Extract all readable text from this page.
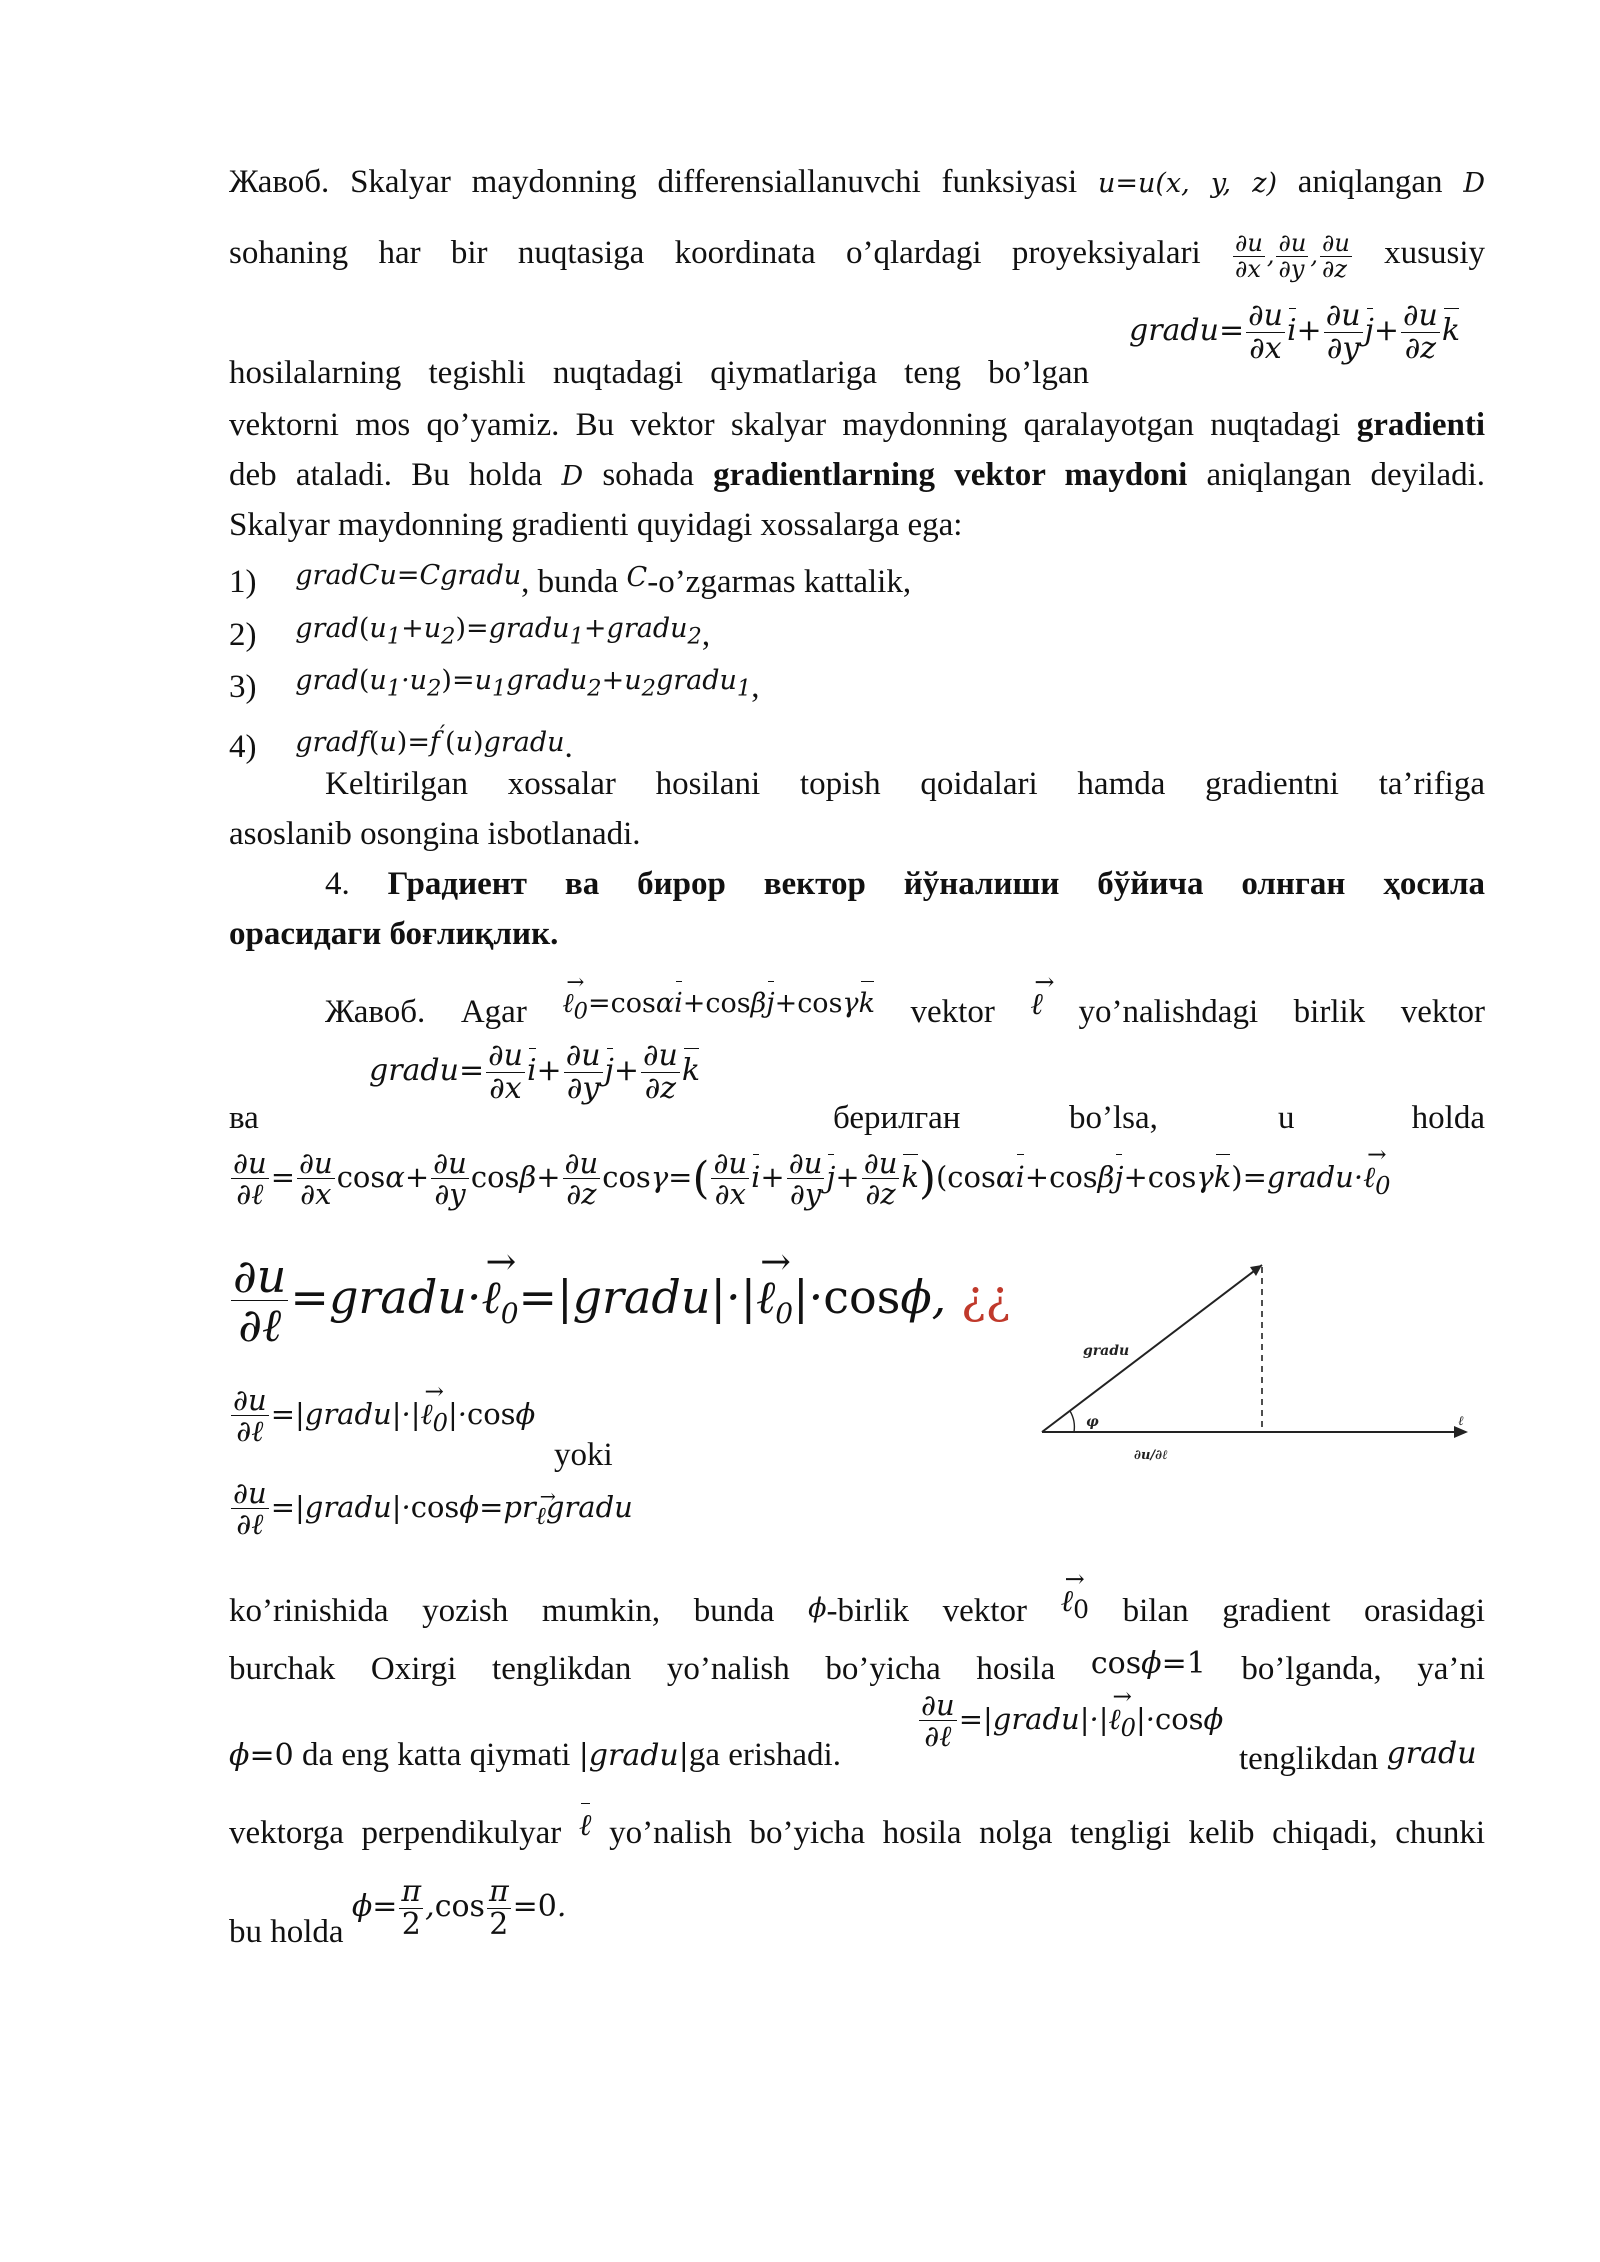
Жавоб. Skalyar maydonning differensiallanuvchi funksiyasi u=u(x, y, z) aniqlangan D
sohaning har bir nuqtasiga koordinata o’qlardagi proyeksiyalari $\frac{\partial u}{\partial x}$ , $\frac{\partial u}{\partial y}$ , $\frac{\partial u}{\partial z}$ xususiy
hosilalarning tegishli nuqtadagi qiymatlariga teng bo’lgan
gradu= $\frac{\partial u}{\partial x} i+ \frac{\partial u}{\partial y} j+ \frac{\partial u}{\partial z}$ k
vektorni mos qo’yamiz. Bu vektor skalyar maydonning qaralayotgan nuqtadagi gradienti
deb ataladi. Bu holda D sohada gradientlarning vektor maydoni aniqlangan deyiladi.
Skalyar maydonning gradienti quyidagi xossalarga ega:
1) $^{gradCu=Cgradu}$, bunda C-o’zgarmas kattalik,
2) $^{grad(u_1+u_2)=gradu_1+gradu_2}$,
3) $^{grad(u_1\cdot u_2)=u_1gradu_2+u_2gradu_1}$,
4) gradf(u)=f′(u)gradu.
Keltirilgan xossalar hosilani topish qoidalari hamda gradientni ta’rifiga
asoslanib osongina isbotlanadi.
4. Градиент ва бирор вектор йўналиши бўйича олнган ҳосила
орасидаги боғлиқлик.
Жавоб. Agar → $^{\ell_0=cos\alpha i+cos\beta j+cos\gamma k}$ vektor → ℓ yo’nalishdagi birlik vektor
gradu= $\frac{\partial u}{\partial x} i+ \frac{\partial u}{\partial y} j+ \frac{\partial u}{\partial z}$ k
ва	берилган	bo’lsa,	u	holda
$\frac{\partial u}{\text{∂ℓ}} = \frac{\partial u}{\partial x} \cos\alpha+ \frac{\partial u}{\partial y} \cos\beta+ \frac{\partial u}{\partial z} \cos\gamma=( \frac{\partial u}{\partial x} i+ \frac{\partial u}{\partial y} j+ \frac{\partial u}{\partial z}$ k)(cosαi+cosβj+cosγk)=gradu·→ ℓ$_0$
$\frac{\partial u}{\text{∂ℓ}}$ =gradu·→ ℓ$_0$=|gradu|·|→ ℓ$_0$|·cosϕ, ¿¿
$\frac{\partial u}{\text{∂ℓ}}$ =|gradu|·|→ ℓ$_0$|·cosϕ
yoki
$\frac{\partial u}{\text{∂ℓ}}$ =|gradu|·cosϕ=pr→ $_\ell$gradu
ko’rinishida yozish mumkin, bunda ϕ-birlik vektor → ℓ$_0$ bilan gradient orasidagi
burchak Oxirgi tenglikdan yo’nalish bo’yicha hosila cosϕ=1 bo’lganda, ya’ni
ϕ=0 da eng katta qiymati |gradu|ga erishadi.
$\frac{\partial u}{\text{∂ℓ}}$ =|gradu|·|→ ℓ$_0$|·cosϕ
tenglikdan gradu
vektorga perpendikulyar ℓ yo’nalish bo’yicha hosila nolga tengligi kelib chiqadi, chunki
bu holda $\phi= \frac{\pi}{2} ,\cos \frac{\pi}{2} =0$.
φ
gradu
∂u/∂ℓ
ℓ
